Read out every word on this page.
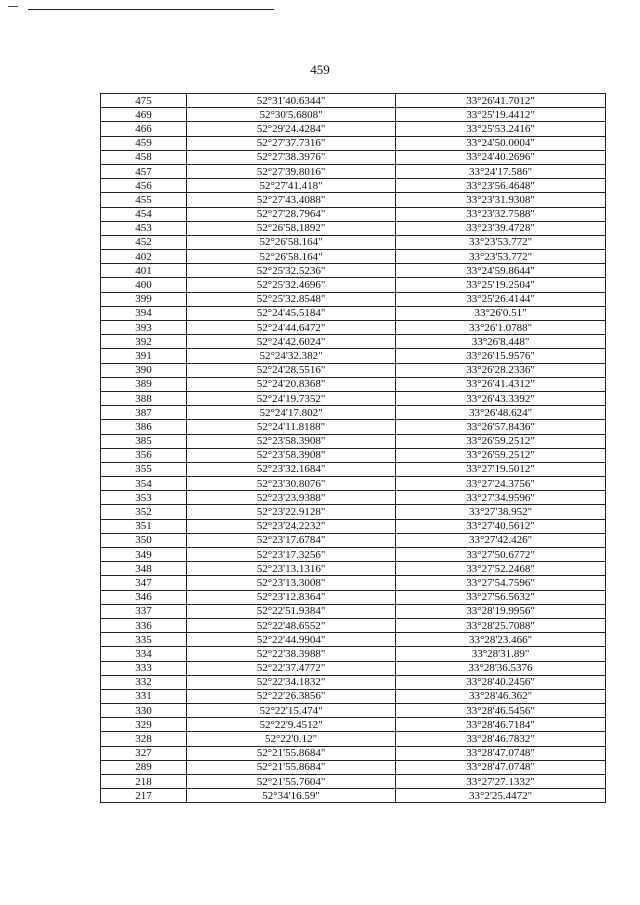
459
475	52°31'40.6344"	33°26'41.7012"
469	52°30'5.6808"	33°25'19.4412"
466	52°29'24.4284"	33°25'53.2416"
459	52°27'37.7316"	33°24'50.0004"
458	52°27'38.3976"	33°24'40.2696"
457	52°27'39.8016"	33°24'17.586"
456	52°27'41.418"	33°23'56.4648"
455	52°27'43.4088"	33°23'31.9308"
454	52°27'28.7964"	33°23'32.7588"
453	52°26'58.1892"	33°23'39.4728"
452	52°26'58.164"	33°23'53.772"
402	52°26'58.164"	33°23'53.772"
401	52°25'32.5236"	33°24'59.8644"
400	52°25'32.4696"	33°25'19.2504"
399	52°25'32.8548"	33°25'26.4144"
394	52°24'45.5184"	33°26'0.51"
393	52°24'44.6472"	33°26'1.0788"
392	52°24'42.6024"	33°26'8.448"
391	52°24'32.382"	33°26'15.9576"
390	52°24'28.5516"	33°26'28.2336"
389	52°24'20.8368"	33°26'41.4312"
388	52°24'19.7352"	33°26'43.3392"
387	52°24'17.802"	33°26'48.624"
386	52°24'11.8188"	33°26'57.8436"
385	52°23'58.3908"	33°26'59.2512"
356	52°23'58.3908"	33°26'59.2512"
355	52°23'32.1684"	33°27'19.5012"
354	52°23'30.8076"	33°27'24.3756"
353	52°23'23.9388"	33°27'34.9596"
352	52°23'22.9128"	33°27'38.952"
351	52°23'24.2232"	33°27'40.5612"
350	52°23'17.6784"	33°27'42.426"
349	52°23'17.3256"	33°27'50.6772"
348	52°23'13.1316"	33°27'52.2468"
347	52°23'13.3008"	33°27'54.7596"
346	52°23'12.8364"	33°27'56.5632"
337	52°22'51.9384"	33°28'19.9956"
336	52°22'48.6552"	33°28'25.7088"
335	52°22'44.9904"	33°28'23.466"
334	52°22'38.3988"	33°28'31.89"
333	52°22'37.4772"	33°28'36.5376
332	52°22'34.1832"	33°28'40.2456"
331	52°22'26.3856"	33°28'46.362"
330	52°22'15.474"	33°28'46.5456"
329	52°22'9.4512"	33°28'46.7184"
328	52°22'0.12"	33°28'46.7832"
327	52°21'55.8684"	33°28'47.0748"
289	52°21'55.8684"	33°28'47.0748"
218	52°21'55.7604"	33°27'27.1332"
217	52°34'16.59"	33°2'25.4472"
